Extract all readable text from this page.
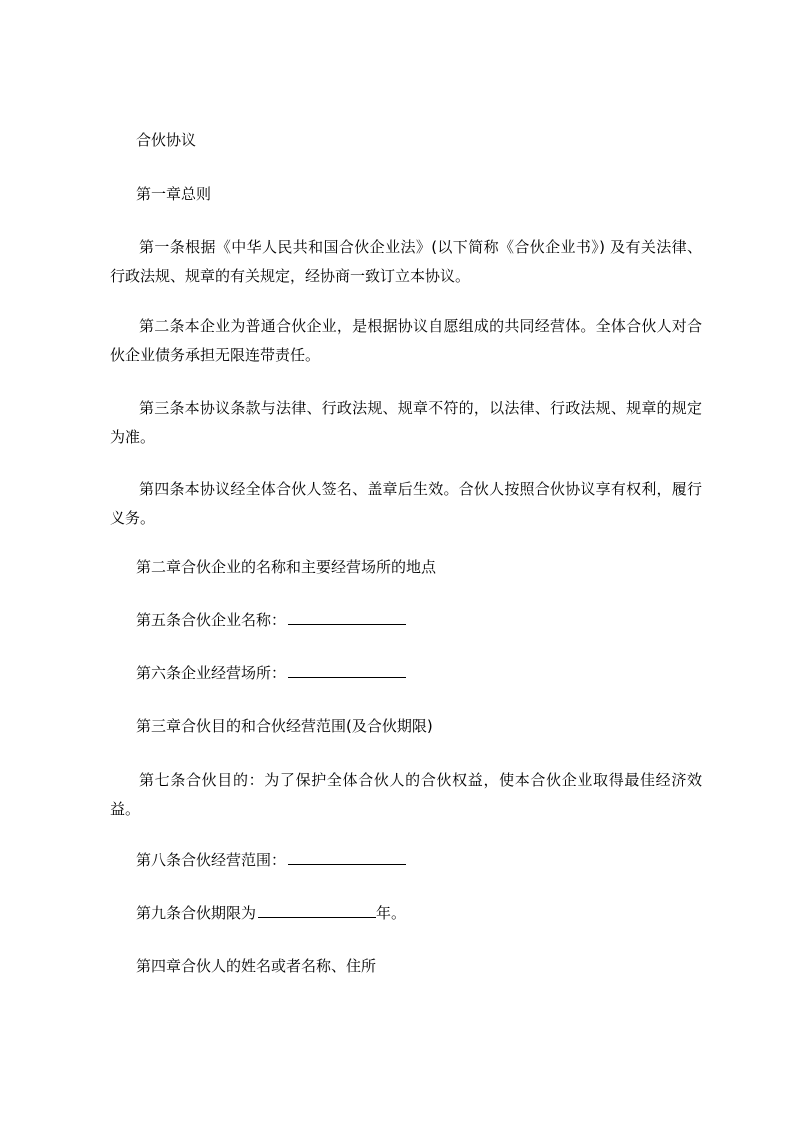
合伙协议
第一章总则
第一条根据《中华人民共和国合伙企业法》(以下简称《合伙企业书》) 及有关法律、行政法规、规章的有关规定，经协商一致订立本协议。
第二条本企业为普通合伙企业，是根据协议自愿组成的共同经营体。全体合伙人对合伙企业债务承担无限连带责任。
第三条本协议条款与法律、行政法规、规章不符的，以法律、行政法规、规章的规定为准。
第四条本协议经全体合伙人签名、盖章后生效。合伙人按照合伙协议享有权利，履行义务。
第二章合伙企业的名称和主要经营场所的地点
第五条合伙企业名称：
第六条企业经营场所：
第三章合伙目的和合伙经营范围(及合伙期限)
第七条合伙目的：为了保护全体合伙人的合伙权益，使本合伙企业取得最佳经济效益。
第八条合伙经营范围：
第九条合伙期限为	年。
第四章合伙人的姓名或者名称、住所
